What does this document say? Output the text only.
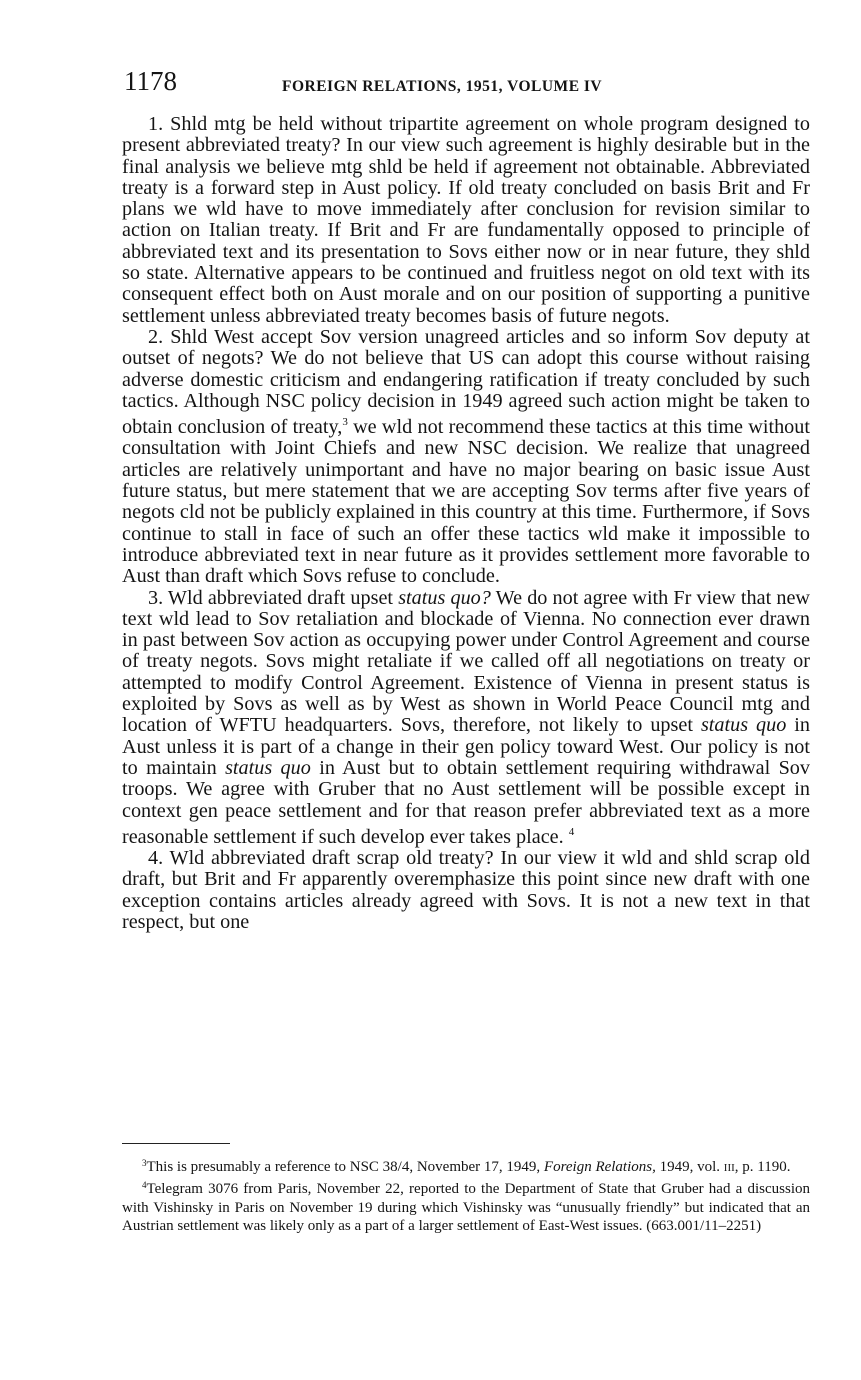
1178	FOREIGN RELATIONS, 1951, VOLUME IV

1. Shld mtg be held without tripartite agreement on whole program designed to present abbreviated treaty? In our view such agreement is highly desirable but in the final analysis we believe mtg shld be held if agreement not obtainable. Abbreviated treaty is a forward step in Aust policy. If old treaty concluded on basis Brit and Fr plans we wld have to move immediately after conclusion for revision similar to action on Italian treaty. If Brit and Fr are fundamentally opposed to principle of abbreviated text and its presentation to Sovs either now or in near future, they shld so state. Alternative appears to be continued and fruitless negot on old text with its consequent effect both on Aust morale and on our position of supporting a punitive settlement unless abbreviated treaty becomes basis of future negots.

2. Shld West accept Sov version unagreed articles and so inform Sov deputy at outset of negots? We do not believe that US can adopt this course without raising adverse domestic criticism and endangering ratification if treaty concluded by such tactics. Although NSC policy decision in 1949 agreed such action might be taken to obtain conclusion of treaty,$^3$ we wld not recommend these tactics at this time without consultation with Joint Chiefs and new NSC decision. We realize that unagreed articles are relatively unimportant and have no major bearing on basic issue Aust future status, but mere statement that we are accepting Sov terms after five years of negots cld not be publicly explained in this country at this time. Furthermore, if Sovs continue to stall in face of such an offer these tactics wld make it impossible to introduce abbreviated text in near future as it provides settlement more favorable to Aust than draft which Sovs refuse to conclude.

3. Wld abbreviated draft upset status quo? We do not agree with Fr view that new text wld lead to Sov retaliation and blockade of Vienna. No connection ever drawn in past between Sov action as occupying power under Control Agreement and course of treaty negots. Sovs might retaliate if we called off all negotiations on treaty or attempted to modify Control Agreement. Existence of Vienna in present status is exploited by Sovs as well as by West as shown in World Peace Council mtg and location of WFTU headquarters. Sovs, therefore, not likely to upset status quo in Aust unless it is part of a change in their gen policy toward West. Our policy is not to maintain status quo in Aust but to obtain settlement requiring withdrawal Sov troops. We agree with Gruber that no Aust settlement will be possible except in context gen peace settlement and for that reason prefer abbreviated text as a more reasonable settlement if such develop ever takes place. $^4$

4. Wld abbreviated draft scrap old treaty? In our view it wld and shld scrap old draft, but Brit and Fr apparently overemphasize this point since new draft with one exception contains articles already agreed with Sovs. It is not a new text in that respect, but one

$^3$This is presumably a reference to NSC 38/4, November 17, 1949, Foreign Relations, 1949, vol. iii, p. 1190.

$^4$Telegram 3076 from Paris, November 22, reported to the Department of State that Gruber had a discussion with Vishinsky in Paris on November 19 during which Vishinsky was “unusually friendly” but indicated that an Austrian settlement was likely only as a part of a larger settlement of East-West issues. (663.001/11–2251)
